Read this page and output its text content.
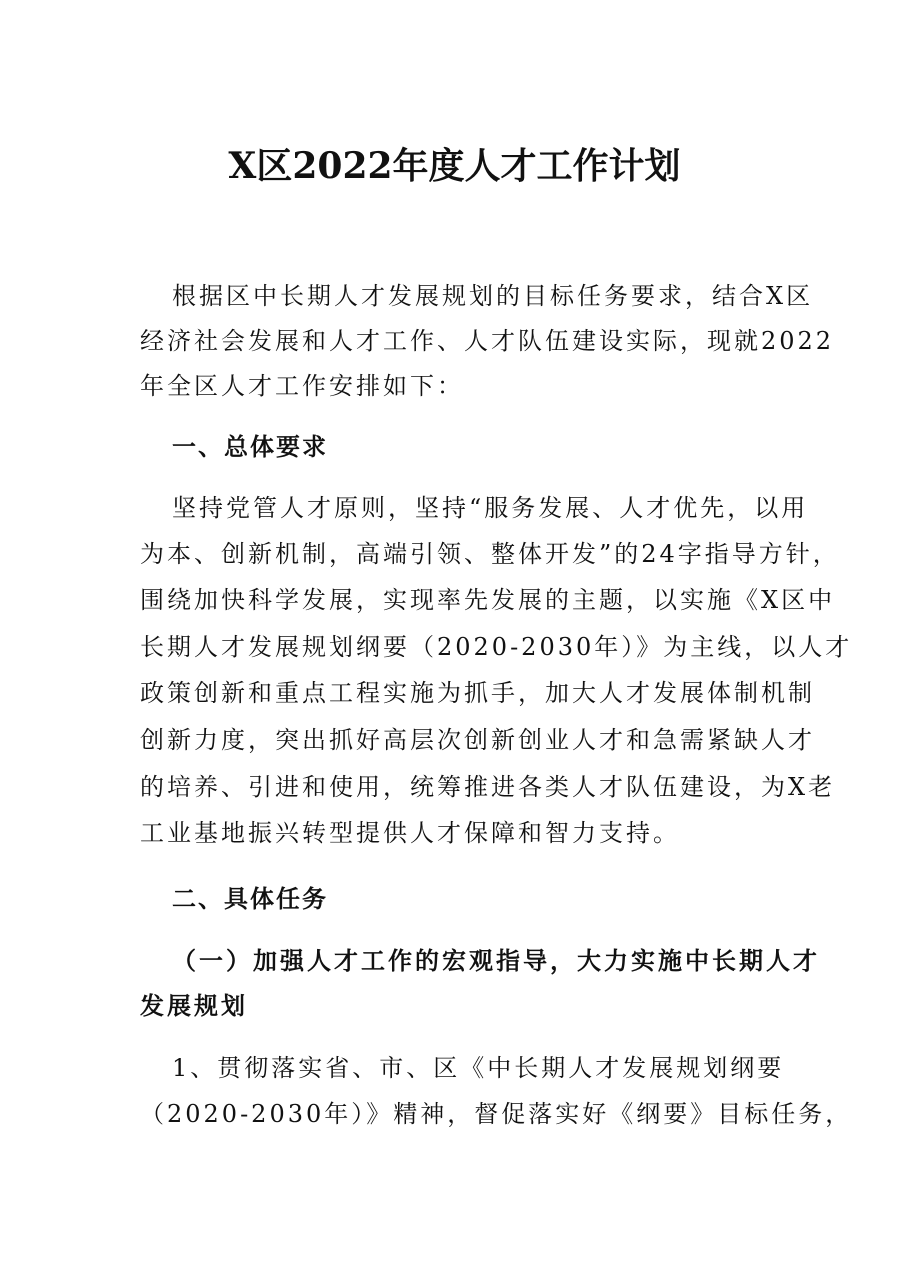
X区2022年度人才工作计划

根据区中长期人才发展规划的目标任务要求，结合X区

经济社会发展和人才工作、人才队伍建设实际，现就2022

年全区人才工作安排如下：

一、总体要求

坚持党管人才原则，坚持“服务发展、人才优先，以用

为本、创新机制，高端引领、整体开发”的24字指导方针，

围绕加快科学发展，实现率先发展的主题，以实施《X区中

长期人才发展规划纲要（2020-2030年）》为主线，以人才

政策创新和重点工程实施为抓手，加大人才发展体制机制

创新力度，突出抓好高层次创新创业人才和急需紧缺人才

的培养、引进和使用，统筹推进各类人才队伍建设，为X老

工业基地振兴转型提供人才保障和智力支持。

二、具体任务

（一）加强人才工作的宏观指导，大力实施中长期人才

发展规划

1、贯彻落实省、市、区《中长期人才发展规划纲要

（2020-2030年）》精神，督促落实好《纲要》目标任务，
